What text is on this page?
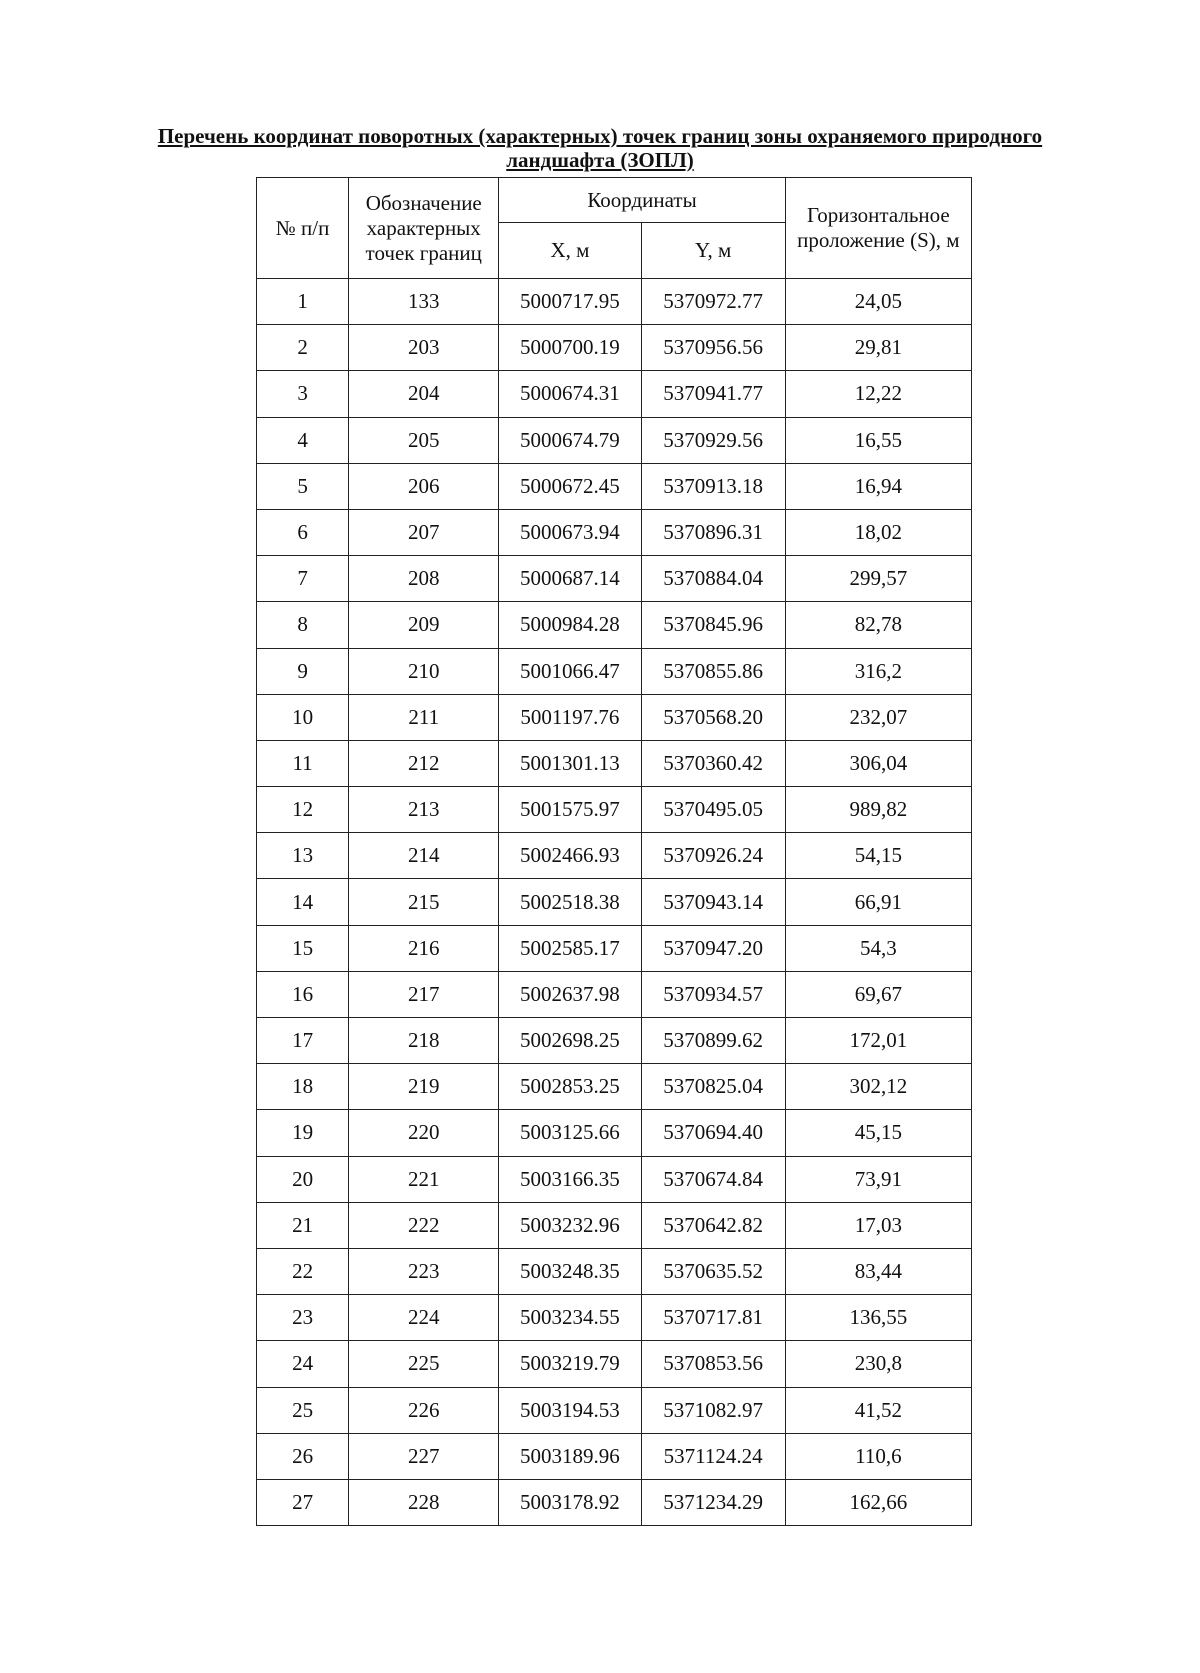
Перечень координат поворотных (характерных) точек границ зоны охраняемого природного ландшафта (ЗОПЛ)
№ п/п	Обозначение характерных точек границ	Координаты		Горизонтальное проложение (S), м
		X, м	Y, м	
1	133	5000717.95	5370972.77	24,05
2	203	5000700.19	5370956.56	29,81
3	204	5000674.31	5370941.77	12,22
4	205	5000674.79	5370929.56	16,55
5	206	5000672.45	5370913.18	16,94
6	207	5000673.94	5370896.31	18,02
7	208	5000687.14	5370884.04	299,57
8	209	5000984.28	5370845.96	82,78
9	210	5001066.47	5370855.86	316,2
10	211	5001197.76	5370568.20	232,07
11	212	5001301.13	5370360.42	306,04
12	213	5001575.97	5370495.05	989,82
13	214	5002466.93	5370926.24	54,15
14	215	5002518.38	5370943.14	66,91
15	216	5002585.17	5370947.20	54,3
16	217	5002637.98	5370934.57	69,67
17	218	5002698.25	5370899.62	172,01
18	219	5002853.25	5370825.04	302,12
19	220	5003125.66	5370694.40	45,15
20	221	5003166.35	5370674.84	73,91
21	222	5003232.96	5370642.82	17,03
22	223	5003248.35	5370635.52	83,44
23	224	5003234.55	5370717.81	136,55
24	225	5003219.79	5370853.56	230,8
25	226	5003194.53	5371082.97	41,52
26	227	5003189.96	5371124.24	110,6
27	228	5003178.92	5371234.29	162,66
